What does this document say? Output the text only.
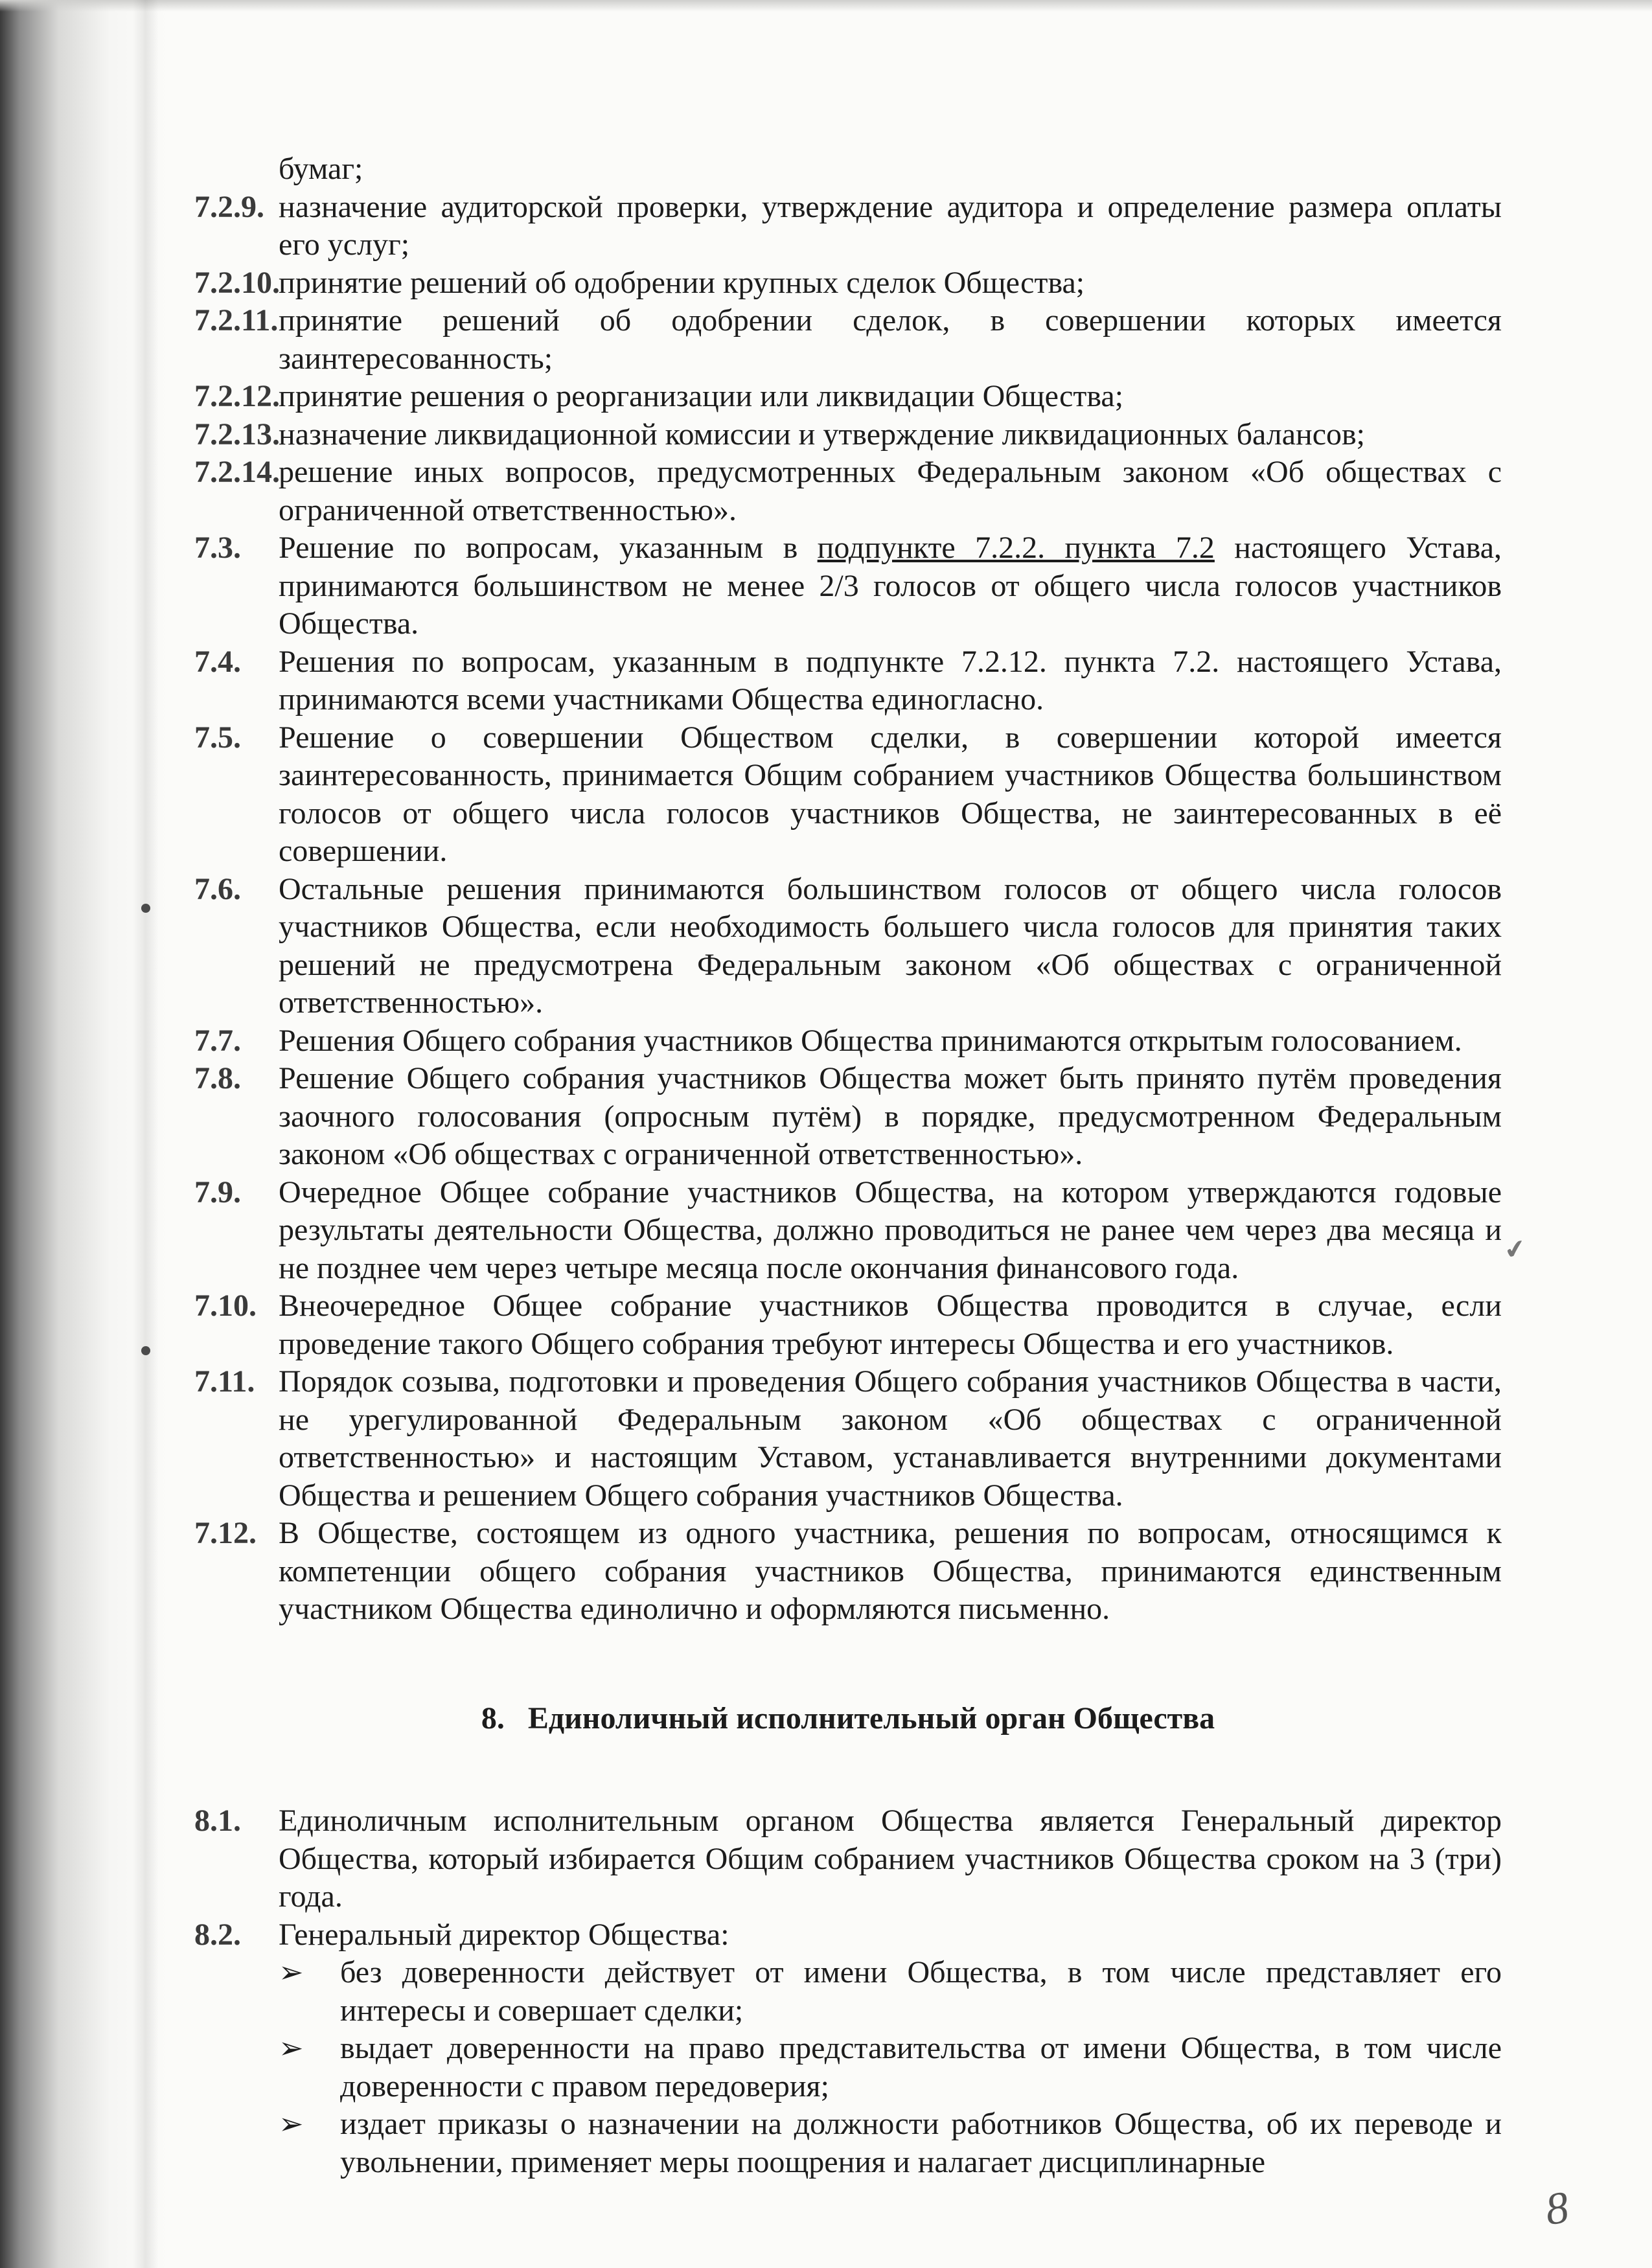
бумаг;
7.2.9. назначение аудиторской проверки, утверждение аудитора и определение размера оплаты его услуг;
7.2.10.
принятие решений об одобрении крупных сделок Общества;
7.2.11. принятие решений об одобрении сделок, в совершении которых имеется заинтересованность;
7.2.12.
принятие решения о реорганизации или ликвидации Общества;
7.2.13.
назначение ликвидационной комиссии и утверждение ликвидационных балансов;
7.2.14.
решение иных вопросов, предусмотренных Федеральным законом «Об обществах с ограниченной ответственностью».
7.3. Решение по вопросам, указанным в подпункте 7.2.2. пункта 7.2 настоящего Устава, принимаются большинством не менее 2/3 голосов от общего числа голосов участников Общества.
7.4. Решения по вопросам, указанным в подпункте 7.2.12. пункта 7.2. настоящего Устава, принимаются всеми участниками Общества единогласно.
7.5. Решение о совершении Обществом сделки, в совершении которой имеется заинтересованность, принимается Общим собранием участников Общества большинством голосов от общего числа голосов участников Общества, не заинтересованных в её совершении.
7.6. Остальные решения принимаются большинством голосов от общего числа голосов участников Общества, если необходимость большего числа голосов для принятия таких решений не предусмотрена Федеральным законом «Об обществах с ограниченной ответственностью».
7.7. Решения Общего собрания участников Общества принимаются открытым голосованием.
7.8. Решение Общего собрания участников Общества может быть принято путём проведения заочного голосования (опросным путём) в порядке, предусмотренном Федеральным законом «Об обществах с ограниченной ответственностью».
7.9. Очередное Общее собрание участников Общества, на котором утверждаются годовые результаты деятельности Общества, должно проводиться не ранее чем через два месяца и не позднее чем через четыре месяца после окончания финансового года.
7.10. Внеочередное Общее собрание участников Общества проводится в случае, если проведение такого Общего собрания требуют интересы Общества и его участников.
7.11. Порядок созыва, подготовки и проведения Общего собрания участников Общества в части, не урегулированной Федеральным законом «Об обществах с ограниченной ответственностью» и настоящим Уставом, устанавливается внутренними документами Общества и решением Общего собрания участников Общества.
7.12. В Обществе, состоящем из одного участника, решения по вопросам, относящимся к компетенции общего собрания участников Общества, принимаются единственным участником Общества единолично и оформляются письменно.
8. Единоличный исполнительный орган Общества
8.1. Единоличным исполнительным органом Общества является Генеральный директор Общества, который избирается Общим собранием участников Общества сроком на 3 (три) года.
8.2. Генеральный директор Общества:
➢ без доверенности действует от имени Общества, в том числе представляет его интересы и совершает сделки;
➢ выдает доверенности на право представительства от имени Общества, в том числе доверенности с правом передоверия;
➢ издает приказы о назначении на должности работников Общества, об их переводе и увольнении, применяет меры поощрения и налагает дисциплинарные
✔
8
